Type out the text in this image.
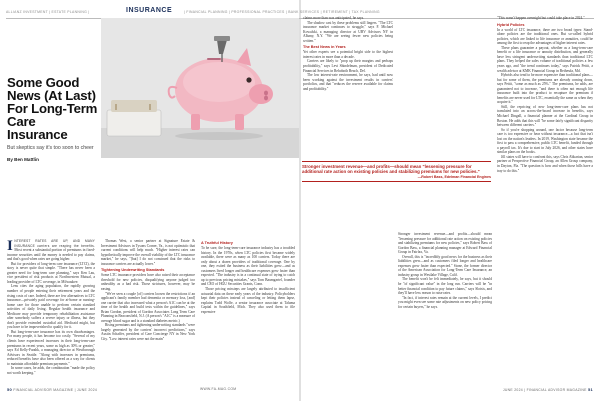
ALLIANZ INVESTMENT | ESTATE PLANNING |	INSURANCE	| FINANCIAL PLANNING | PROFESSIONAL PRACTICES | BANK SERVICES | RETIREMENT | TAX PLANNING
Some Good News (At Last) For Long-Term Care Insurance
But skeptics say it's too soon to cheer
By Ben Mattlin

INTEREST RATES ARE UP, AND MANY INSURANCE carriers are reaping the benefits. Most recent a substantial portion of premiums in fixed-income securities until the money is needed to pay claims, and that's good when rates are going higher.

But for providers of long-term care insurance (LTCI), the story is never quite that simple. "There has never been a greater need for long-term care planning," says Ken Lau, vice president of risk products at Northwestern Mutual, a leading provider of LTC coverage, in Milwaukee.

Lens cites the aging population, the rapidly growing number of people entering their retirement years and the rising costs of care. Indeed, there are few alternatives to LTC insurance—privately paid coverage for at-home or nursing-home care for those unable to perform certain standard activities of daily living. Regular health insurance and Medicare may provide temporary rehabilitation assistance after somebody suffers a severe injury or illness, but they don't provide extended custodial aid. Medicaid might, but you have to be impoverished to qualify for it.

But long-term-care insurance has its own disadvantages. For many people, it has become too costly. "Several of my clients have experienced increases in their long-term-care premiums in recent years, some as high as 30% or greater," says Ed Kelly-Farahk, a managing director at Westborough Advisors in Seattle. "Along with increases in premiums, reduced benefits have also been offered as a way for clients to maintain affordable premium payments."

In some cases, he adds, the combination "made the policy not worth keeping."

Thomas West, a senior partner at Signature Estate & Investment Advisors in Tysons Corner, Va., is not optimistic that current conditions will help much. "Higher interest rates can hypothetically improve the overall viability of the LTC insurance market," he says, "[but] I do not construed that the risks to insurance carriers are actually lower."

Tightening Underwriting Standards

Some LTC insurance providers have also raised their acceptance threshold for new policies, disqualifying anyone judged too unhealthy as a bad risk. Those strictures, however, may be easing.

"We've seen a couple [of] carriers loosen the restrictions if an applicant's family member had dementia or memory loss, [and] one carrier that also increased what a person's A1C can be at the time of the health and build tests within the guidelines," says Brian Gordon, president of Gordon Associates Long Term Care Planning in Beaconsfield, N.J. (A person's "A1C" is a measure of average blood sugar and is a standard diabetes metric.)

Rising premiums and tightening underwriting standards "were largely generated by the carriers' incorrect predictions," says Austin Schaffer, president of Care Concierge NY in New York City. "Low interest rates were not the main"

A Truthful History

To be sure, the long-term-care insurance industry has a troubled history. In the 1970s, when LTC policies first became widely available, there were as many as 100 carriers. Today there are only about a dozen providers of traditional coverage. One by one, they exited the business as their liabilities grew—and as customers lived longer and healthcare expenses grew faster than expected. "The industry is in a continual state of trying to catch up to previous pricing mistakes," says Tom Baumgartel, founder and CEO of HGU Securities Grants, Conn.

Those pricing missteps are largely attributed to insufficient actuarial data on these early years of the industry. Policyholders kept their policies instead of canceling or letting them lapse, explains Todd Wolfe, a senior insurance associate at Taluma Capital in Southfield, Mich. They also used them to file expensive

claims more than was anticipated, he says.

The shadow cast by these problems still lingers. "The LTC insurance market continues to struggle," says F. Michael Kowalski, a managing director at UBV Advisors NY in Albany, N.Y. "We are seeing fewer new policies being written."

The Best News in Years

Yet other experts see a potential bright side to the highest interest rates in more than a decade.

Carriers are likely to "prop up their margins and perhaps profitability," says Levi Shindelman, president of Dedicated Financial Services in Rehoboth Beach, Del.

The low interest-rate environment, he says, had until now been working against the investment results in carriers' portfolios, and that "reduces the reserve available for claims and profitability."

Stronger investment revenue—and profits—should mean "lessening pressure for additional rate action on existing policies and stabilizing premiums for new policies."
—Robert Bass, Edelman Financial Engines

Stronger investment revenue—and profits—should mean "lessening pressure for additional rate action on existing policies and stabilizing premiums for new policies," says Robert Bass of Gordon Bass, a financial planning manager at Edward Financial Group in Fairfax, Va.

Overall, this is "incredibly good news for the business as their liabilities grew—and as customers filed longer and healthcare expenses grew faster than expected." Stone, the former director of the American Association for Long-Term Care Insurance, an industry group in Westlake Village, Calif.

The benefit won't be felt immediately, he says, but it should be "of significant value" in the long run. Carriers will be "in better financial condition to pay future claims," says Slotsis, and they'll have less reason to raise rates.

"In fact, if interest rates remain at the current levels, I predict you might even see some rate adjustments on new policy pricing for certain buyers," he says.

"This wasn't happen overnight but could take place in 2024."

Hybrid Policies

In a world of LTC insurance, there are two broad types: Stand-alone policies are the traditional ones. But so-called hybrid policies, which are linked to life insurance or annuities, could be among the first to reap the advantages of higher interest rates.

These plans guarantee a payout, whether as a long-term-care benefit or a life insurance or annuity distribution, and generally have less stringent underwriting standards than traditional LTC plans. They helped the sales volume of traditional policies a few years ago, and "the trend continues today," says Patrick Pettit, a wealth advisor at KMK Financial Group in Bethesda, Md.

Hybrids also tend to be more expensive than traditional plans—but for some of them, the premiums are already coming down, says Pettit, "some as much as 25%." The premiums, he adds, are guaranteed not to increase, "and there is often not enough life insurance built into the product to recapture the premium if benefits are never used for LTC, essentially the same as when they acquire it."

Still, the repricing of new long-term-care plans has not translated into an across-the-board increase in benefits, says Michael Dingall, a financial planner at the Cardinal Group in Boston. He adds that this will "be some fairly significant disparity between different carriers."

So if you're shopping around, one factor because long-term care is too expensive or hear without insurance—a fact that isn't lost on the nation's leaders. In 2019, Washington state became the first to pass a comprehensive, public LTC benefit, funded through a payroll tax. It's due to start in July 2026, and other states have similar plans on the books.

Jill states will have to confront this, says Chris Abkarian, senior partner at Perspective Financial Group, an Allen Group company, in Dayton, Fla. "The question is how and when those bills have a tray to do this."

50 FINANCIAL ADVISOR MAGAZINE | JUNE 2024	WWW.FA-MAG.COM	JUNE 2024 | FINANCIAL ADVISOR MAGAZINE 51
